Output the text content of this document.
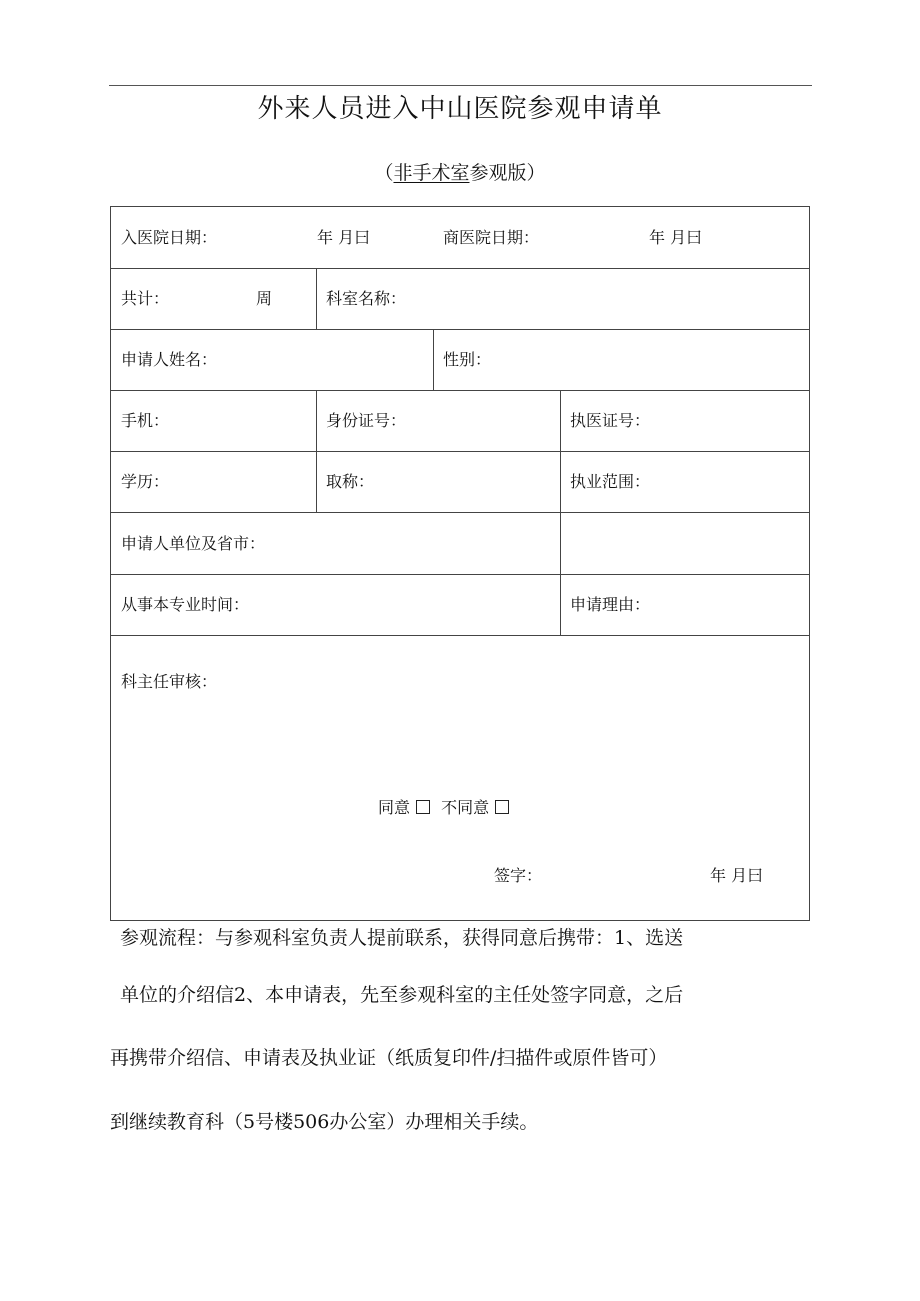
外来人员进入中山医院参观申请单
（非手术室参观版）
入医院日期：	年 月曰	商医院日期：	年 月曰
共计：	周	科室名称：
申请人姓名：	性别：
手机：	身份证号：	执医证号：
学历：	取称：	执业范围：
申请人单位及省市：
从事本专业时间：	申请理由：
科主任审核：
同意 不同意
签字：	年 月曰
参观流程：与参观科室负责人提前联系，获得同意后携带：1、选送
单位的介绍信2、本申请表，先至参观科室的主任处签字同意，之后
再携带介绍信、申请表及执业证（纸质复印件/扫描件或原件皆可）
到继续教育科（5号楼506办公室）办理相关手续。
